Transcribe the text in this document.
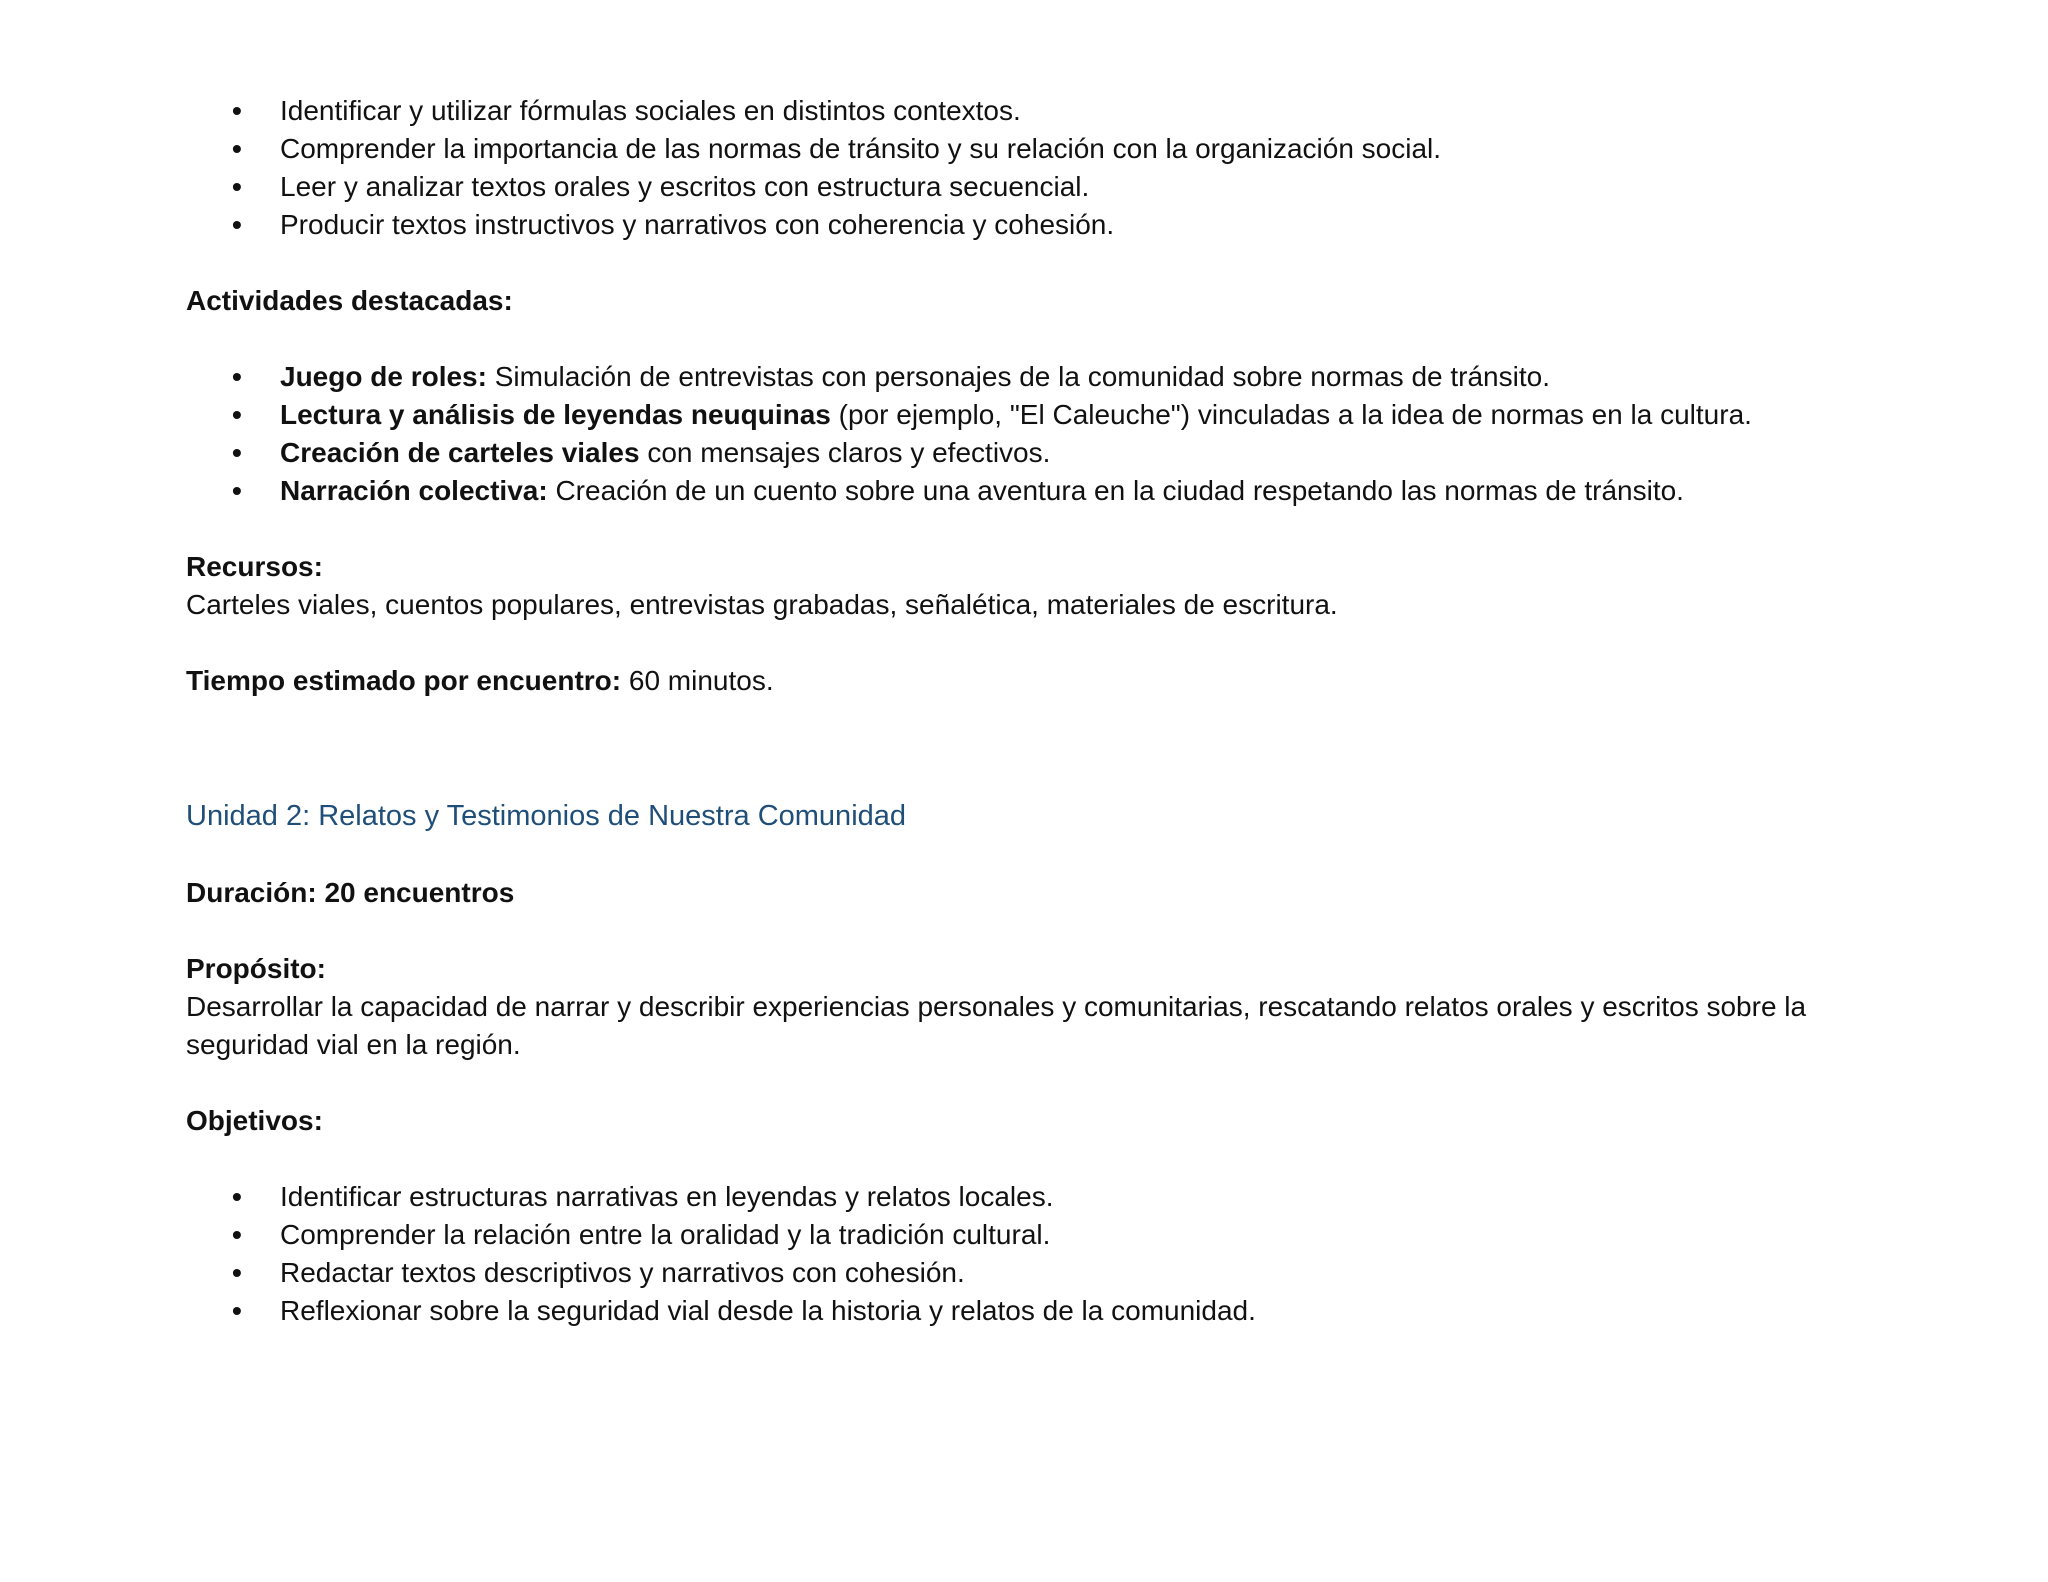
• Identificar y utilizar fórmulas sociales en distintos contextos.
• Comprender la importancia de las normas de tránsito y su relación con la organización social.
• Leer y analizar textos orales y escritos con estructura secuencial.
• Producir textos instructivos y narrativos con coherencia y cohesión.
Actividades destacadas:
• Juego de roles: Simulación de entrevistas con personajes de la comunidad sobre normas de tránsito.
• Lectura y análisis de leyendas neuquinas (por ejemplo, "El Caleuche") vinculadas a la idea de normas en la cultura.
• Creación de carteles viales con mensajes claros y efectivos.
• Narración colectiva: Creación de un cuento sobre una aventura en la ciudad respetando las normas de tránsito.
Recursos:
Carteles viales, cuentos populares, entrevistas grabadas, señalética, materiales de escritura.
Tiempo estimado por encuentro: 60 minutos.
Unidad 2: Relatos y Testimonios de Nuestra Comunidad
Duración: 20 encuentros
Propósito:
Desarrollar la capacidad de narrar y describir experiencias personales y comunitarias, rescatando relatos orales y escritos sobre la seguridad vial en la región.
Objetivos:
• Identificar estructuras narrativas en leyendas y relatos locales.
• Comprender la relación entre la oralidad y la tradición cultural.
• Redactar textos descriptivos y narrativos con cohesión.
• Reflexionar sobre la seguridad vial desde la historia y relatos de la comunidad.
